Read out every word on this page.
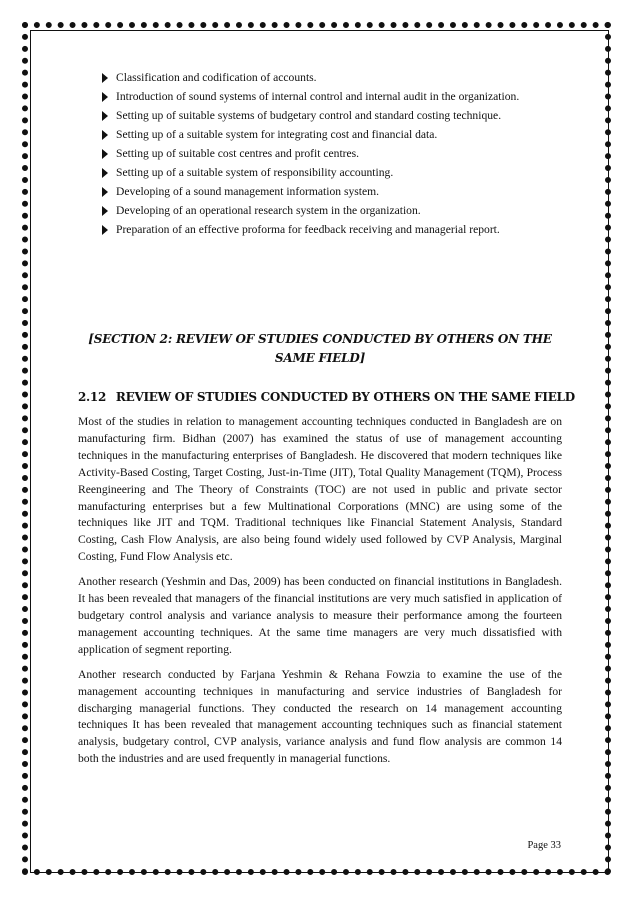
Classification and codification of accounts.
Introduction of sound systems of internal control and internal audit in the organization.
Setting up of suitable systems of budgetary control and standard costing technique.
Setting up of a suitable system for integrating cost and financial data.
Setting up of suitable cost centres and profit centres.
Setting up of a suitable system of responsibility accounting.
Developing of a sound management information system.
Developing of an operational research system in the organization.
Preparation of an effective proforma for feedback receiving and managerial report.
[SECTION 2: REVIEW OF STUDIES CONDUCTED BY OTHERS ON THE SAME FIELD]
2.12 REVIEW OF STUDIES CONDUCTED BY OTHERS ON THE SAME FIELD

Most of the studies in relation to management accounting techniques conducted in Bangladesh are on manufacturing firm. Bidhan (2007) has examined the status of use of management accounting techniques in the manufacturing enterprises of Bangladesh. He discovered that modern techniques like Activity-Based Costing, Target Costing, Just-in-Time (JIT), Total Quality Management (TQM), Process Reengineering and The Theory of Constraints (TOC) are not used in public and private sector manufacturing enterprises but a few Multinational Corporations (MNC) are using some of the techniques like JIT and TQM. Traditional techniques like Financial Statement Analysis, Standard Costing, Cash Flow Analysis, are also being found widely used followed by CVP Analysis, Marginal Costing, Fund Flow Analysis etc.

Another research (Yeshmin and Das, 2009) has been conducted on financial institutions in Bangladesh. It has been revealed that managers of the financial institutions are very much satisfied in application of budgetary control analysis and variance analysis to measure their performance among the fourteen management accounting techniques. At the same time managers are very much dissatisfied with application of segment reporting.

Another research conducted by Farjana Yeshmin & Rehana Fowzia to examine the use of the management accounting techniques in manufacturing and service industries of Bangladesh for discharging managerial functions. They conducted the research on 14 management accounting techniques It has been revealed that management accounting techniques such as financial statement analysis, budgetary control, CVP analysis, variance analysis and fund flow analysis are common 14 both the industries and are used frequently in managerial functions.

Page 33
